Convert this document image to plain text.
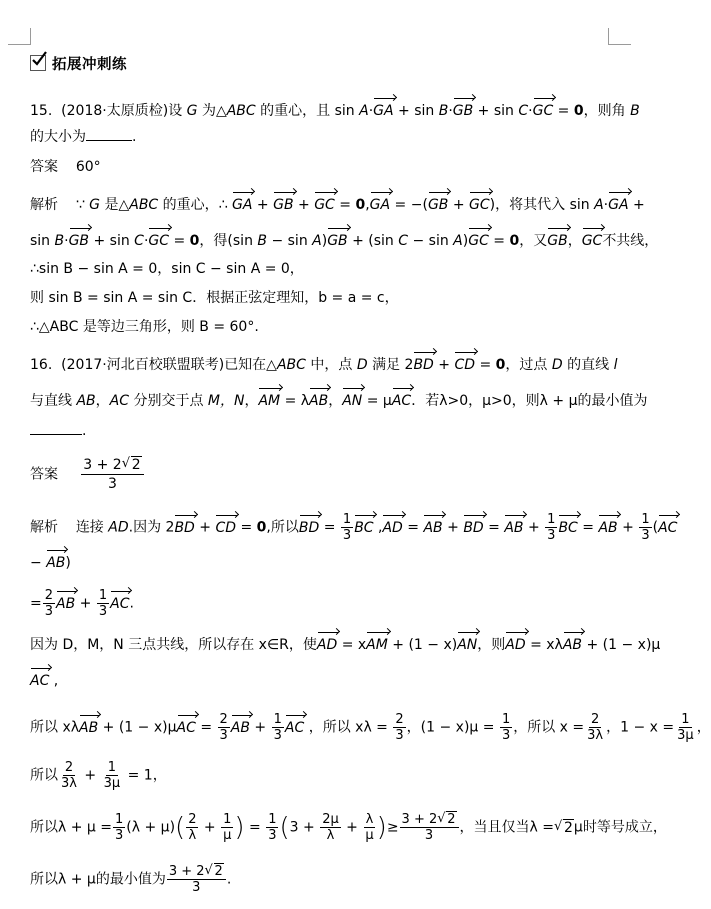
拓展冲刺练
15. (2018·太原质检)设 G 为△ABC 的重心，且 sin A·GA + sin B·GB + sin C·GC = 0，则角 B
的大小为	.
答案 60°
解析 ∵ G 是△ABC 的重心，∴ GA + GB + GC = 0,GA = −(GB + GC)，将其代入 sin A·GA +
sin B·GB + sin C·GC = 0，得(sin B − sin A)GB + (sin C − sin A)GC = 0，又GB，GC不共线，
∴sin B − sin A = 0，sin C − sin A = 0，
则 sin B = sin A = sin C．根据正弦定理知，b = a = c，
∴△ABC 是等边三角形，则 B = 60°.
16. (2017·河北百校联盟联考)已知在△ABC 中，点 D 满足 2BD + CD = 0，过点 D 的直线 l
与直线 AB，AC 分别交于点 M，N，AM = λAB，AN = μAC．若λ>0，μ>0，则λ + μ的最小值为
.
答案 $\frac{3 + 2 √ 2}{3}$
解析 连接 AD.因为 2BD + CD = 0,所以BD = $\frac{1}{3}$ BC ,AD = AB + BD = AB + $\frac{1}{3}$ BC = AB + $\frac{1}{3} (AC$
− AB)
= $\frac{2}{3}$ AB + $\frac{1}{3}$ AC.
因为 D，M，N 三点共线，所以存在 x∈R，使AD = xAM + (1 − x)AN，则AD = xλAB + (1 − x)μ
AC ,
所以 $x\lambda AB + (1 - x)\mu AC = \frac{2}{3}$ AB + $\frac{1}{3}$ AC ，所以 $x\lambda = \frac{2}{3}$ ，$(1 - x)\mu = \frac{1}{3}$ ，所以 $x = \frac{2}{3\lambda}$ ，$1 - x = \frac{1}{3\mu}$ ，
所以 $\frac{2}{3\lambda} + \frac{1}{3\mu} = 1$，
所以$\lambda + \mu = \frac{1}{3} (\lambda + \mu)( \frac{2}{\lambda} + \frac{1}{\mu}$ ) = $\frac{1}{3} (3 + \frac{2\mu}{\lambda} + \frac{\lambda}{\mu}$ )≥ $\frac{3 + 2 √ 2}{3}$ ，当且仅当λ = √ 2μ时等号成立，
所以λ + μ的最小值为 $\frac{3 + 2 √ 2}{3}$ .
